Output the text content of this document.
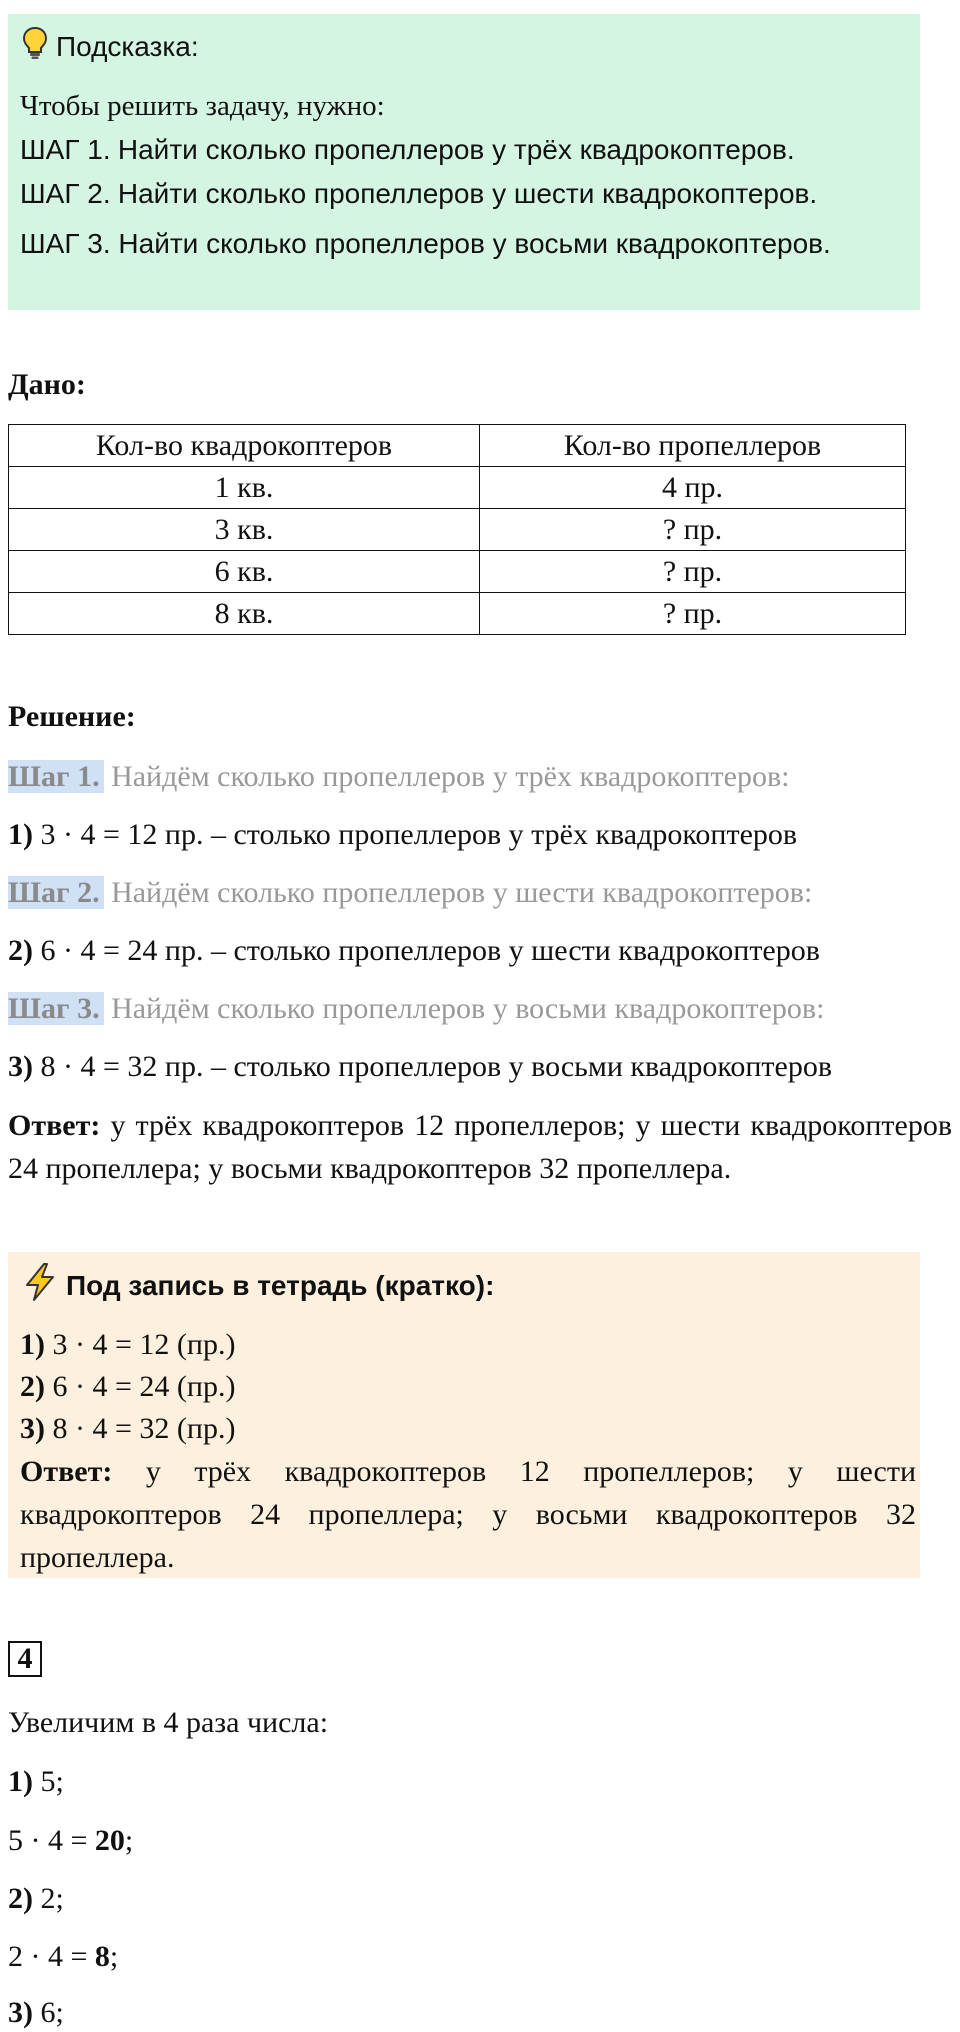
Подсказка:
Чтобы решить задачу, нужно:
ШАГ 1. Найти сколько пропеллеров у трёх квадрокоптеров.
ШАГ 2. Найти сколько пропеллеров у шести квадрокоптеров.
ШАГ 3. Найти сколько пропеллеров у восьми квадрокоптеров.
Дано:
Кол-во квадрокоптеров	Кол-во пропеллеров
1 кв.	4 пр.
3 кв.	? пр.
6 кв.	? пр.
8 кв.	? пр.
Решение:
Шаг 1. Найдём сколько пропеллеров у трёх квадрокоптеров:
1) 3 · 4 = 12 пр. – столько пропеллеров у трёх квадрокоптеров
Шаг 2. Найдём сколько пропеллеров у шести квадрокоптеров:
2) 6 · 4 = 24 пр. – столько пропеллеров у шести квадрокоптеров
Шаг 3. Найдём сколько пропеллеров у восьми квадрокоптеров:
3) 8 · 4 = 32 пр. – столько пропеллеров у восьми квадрокоптеров
Ответ: у трёх квадрокоптеров 12 пропеллеров; у шести квадрокоптеров 24 пропеллера; у восьми квадрокоптеров 32 пропеллера.
Под запись в тетрадь (кратко):
1) 3 · 4 = 12 (пр.)
2) 6 · 4 = 24 (пр.)
3) 8 · 4 = 32 (пр.)
Ответ: у трёх квадрокоптеров 12 пропеллеров; у шести квадрокоптеров 24 пропеллера; у восьми квадрокоптеров 32 пропеллера.
4
Увеличим в 4 раза числа:
1) 5;
5 · 4 = 20;
2) 2;
2 · 4 = 8;
3) 6;
